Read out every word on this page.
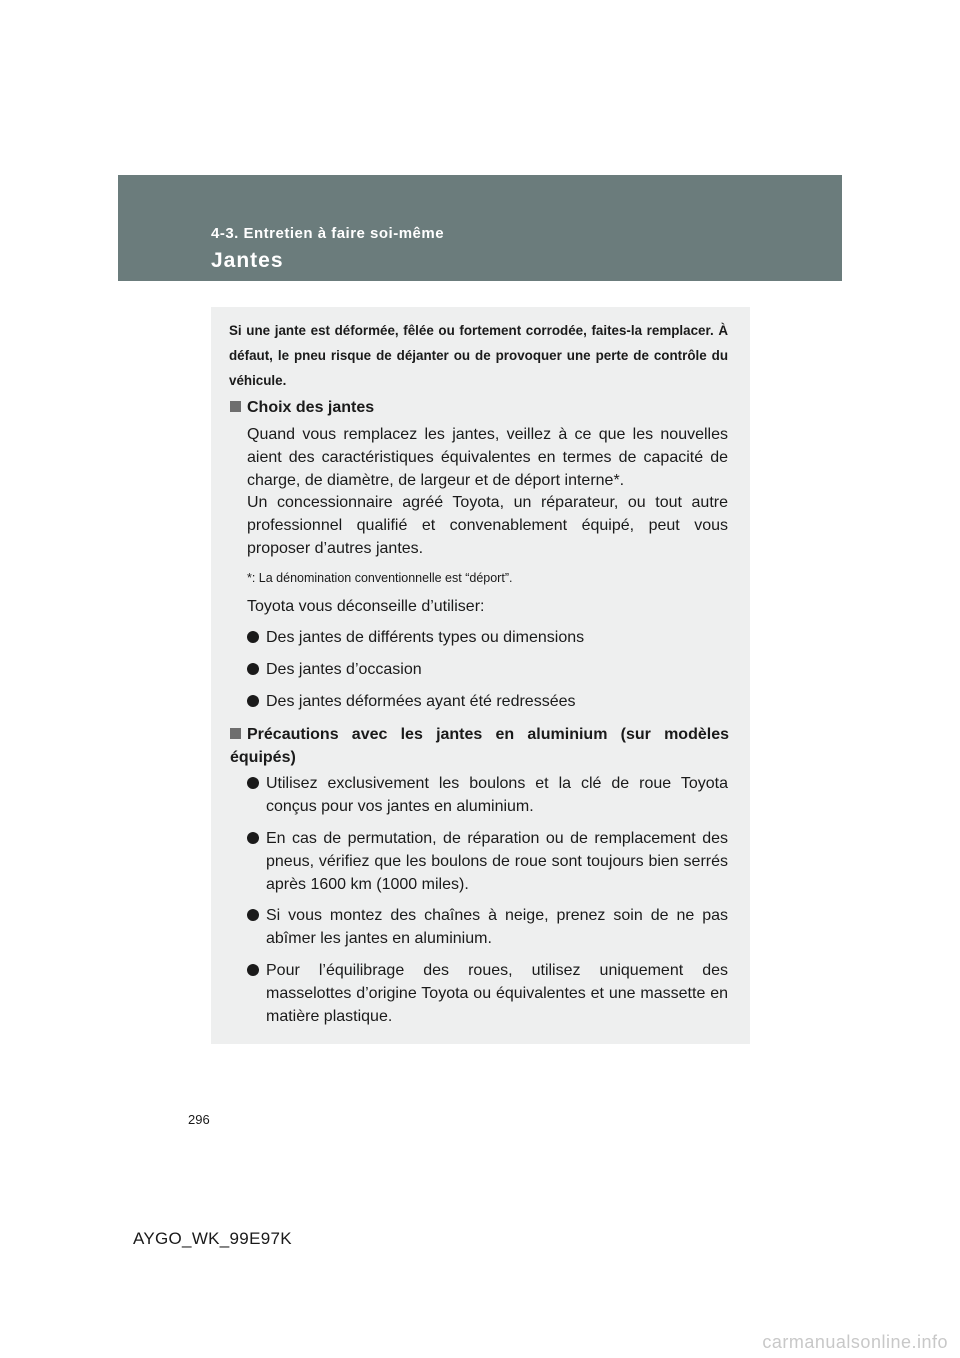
4-3. Entretien à faire soi-même
Jantes
Si une jante est déformée, fêlée ou fortement corrodée, faites-la remplacer. À défaut, le pneu risque de déjanter ou de provoquer une perte de contrôle du véhicule.
Choix des jantes
Quand vous remplacez les jantes, veillez à ce que les nouvelles aient des caractéristiques équivalentes en termes de capacité de charge, de diamètre, de largeur et de déport interne*.
Un concessionnaire agréé Toyota, un réparateur, ou tout autre professionnel qualifié et convenablement équipé, peut vous proposer d’autres jantes.
*: La dénomination conventionnelle est “déport”.
Toyota vous déconseille d’utiliser:
Des jantes de différents types ou dimensions
Des jantes d’occasion
Des jantes déformées ayant été redressées
Précautions avec les jantes en aluminium (sur modèles équipés)
Utilisez exclusivement les boulons et la clé de roue Toyota conçus pour vos jantes en aluminium.
En cas de permutation, de réparation ou de remplacement des pneus, vérifiez que les boulons de roue sont toujours bien serrés après 1600 km (1000 miles).
Si vous montez des chaînes à neige, prenez soin de ne pas abîmer les jantes en aluminium.
Pour l’équilibrage des roues, utilisez uniquement des masselottes d’origine Toyota ou équivalentes et une massette en matière plastique.
296
AYGO_WK_99E97K
carmanualsonline.info
